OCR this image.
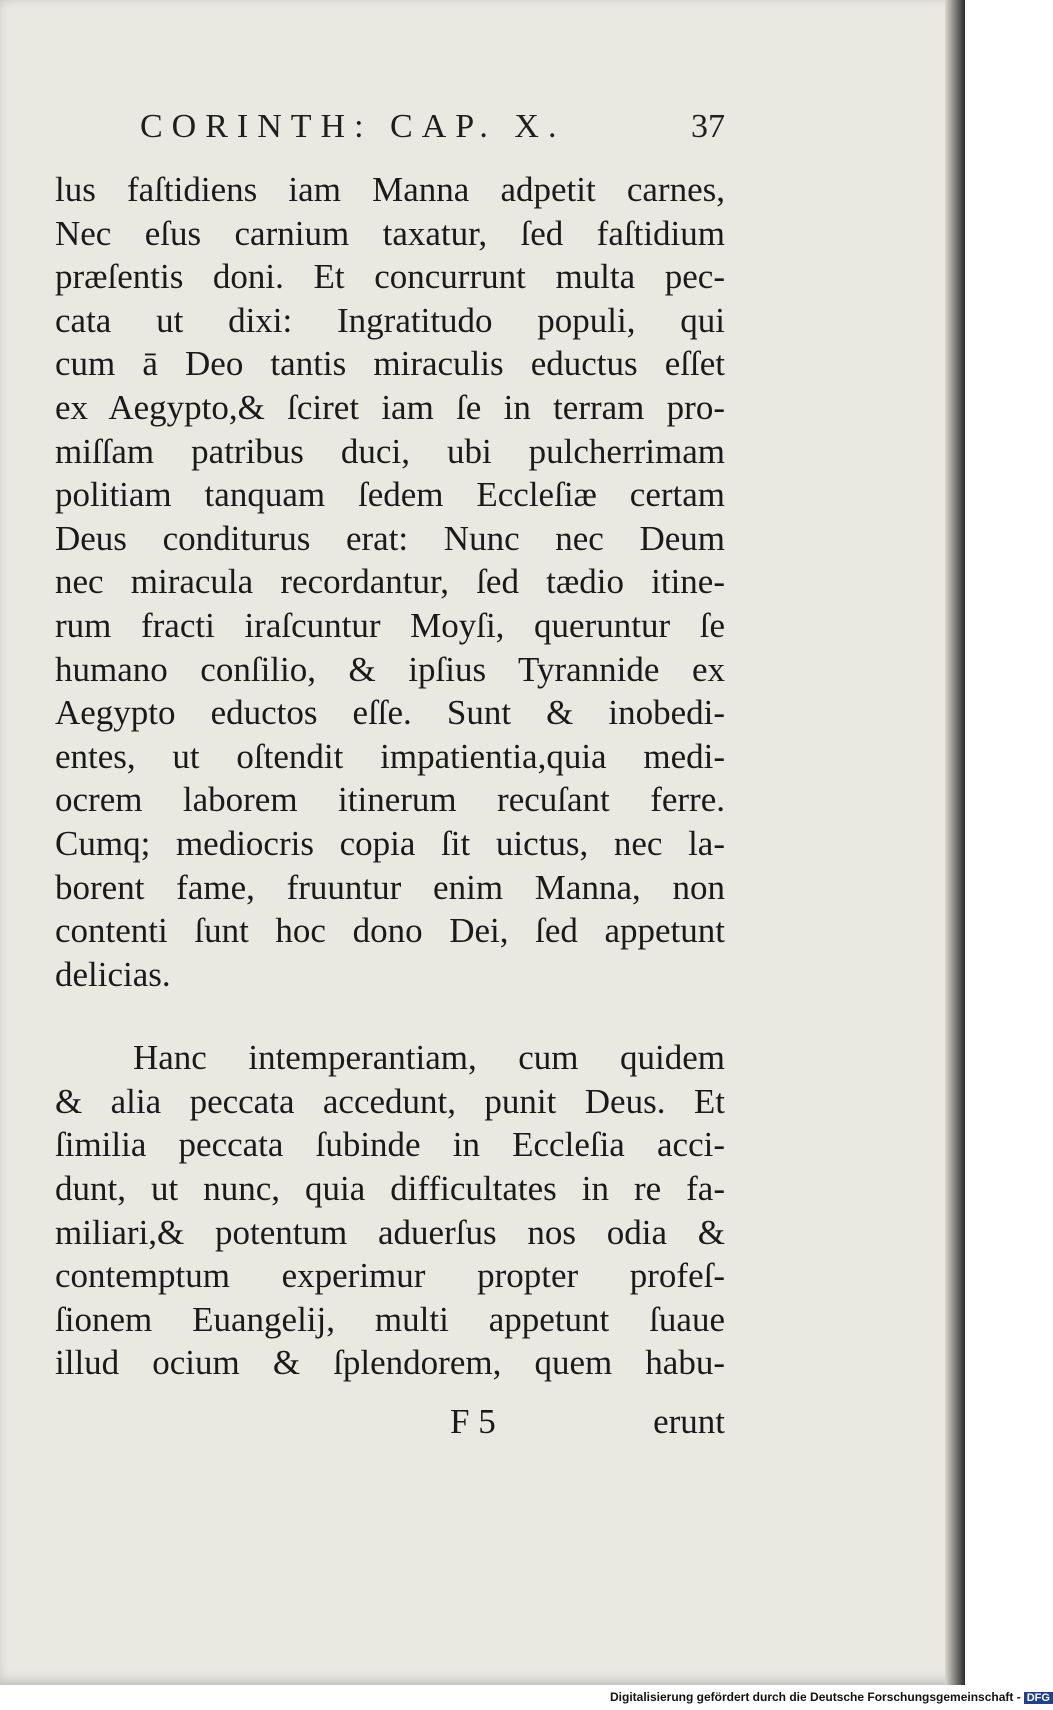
CORINTH: CAP. X.	37
lus faſtidiens iam Manna adpetit carnes,
Nec eſus carnium taxatur, ſed faſtidium
præſentis doni. Et concurrunt multa pec-
cata ut dixi: Ingratitudo populi, qui
cum ā Deo tantis miraculis eductus eſſet
ex Aegypto,& ſciret iam ſe in terram pro-
miſſam patribus duci, ubi pulcherrimam
politiam tanquam ſedem Eccleſiæ certam
Deus conditurus erat: Nunc nec Deum
nec miracula recordantur, ſed tædio itine-
rum fracti iraſcuntur Moyſi, queruntur ſe
humano conſilio, & ipſius Tyrannide ex
Aegypto eductos eſſe. Sunt & inobedi-
entes, ut oſtendit impatientia,quia medi-
ocrem laborem itinerum recuſant ferre.
Cumq; mediocris copia ſit uictus, nec la-
borent fame, fruuntur enim Manna, non
contenti ſunt hoc dono Dei, ſed appetunt
delicias.
Hanc intemperantiam, cum quidem
& alia peccata accedunt, punit Deus. Et
ſimilia peccata ſubinde in Eccleſia acci-
dunt, ut nunc, quia difficultates in re fa-
miliari,& potentum aduerſus nos odia &
contemptum experimur propter profeſ-
ſionem Euangelij, multi appetunt ſuaue
illud ocium & ſplendorem, quem habu-
F 5	erunt
Digitalisierung gefördert durch die Deutsche Forschungsgemeinschaft - DFG
